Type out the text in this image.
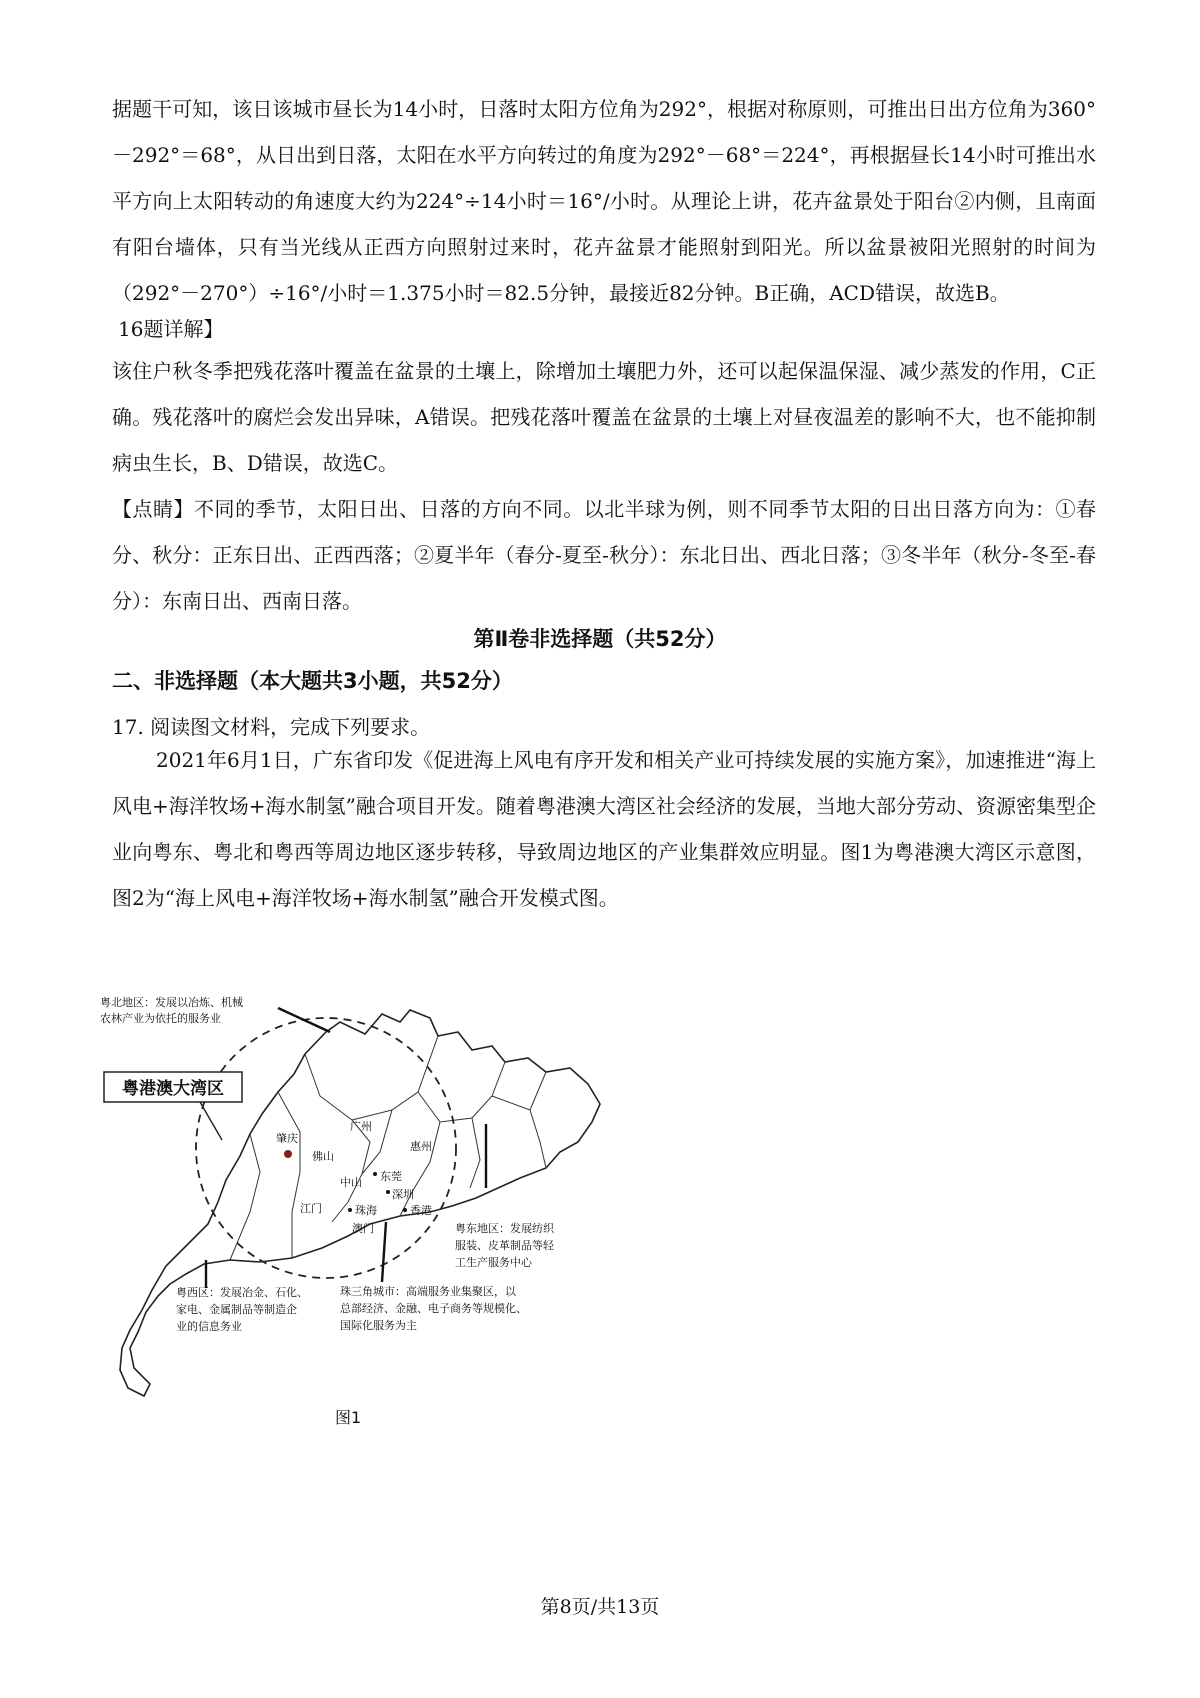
据题干可知，该日该城市昼长为14小时，日落时太阳方位角为292°，根据对称原则，可推出日出方位角为360°－292°＝68°，从日出到日落，太阳在水平方向转过的角度为292°－68°＝224°，再根据昼长14小时可推出水平方向上太阳转动的角速度大约为224°÷14小时＝16°/小时。从理论上讲，花卉盆景处于阳台②内侧，且南面有阳台墙体，只有当光线从正西方向照射过来时，花卉盆景才能照射到阳光。所以盆景被阳光照射的时间为（292°－270°）÷16°/小时＝1.375小时＝82.5分钟，最接近82分钟。B正确，ACD错误，故选B。

16题详解】

该住户秋冬季把残花落叶覆盖在盆景的土壤上，除增加土壤肥力外，还可以起保温保湿、减少蒸发的作用，C正确。残花落叶的腐烂会发出异味，A错误。把残花落叶覆盖在盆景的土壤上对昼夜温差的影响不大，也不能抑制病虫生长，B、D错误，故选C。

【点睛】不同的季节，太阳日出、日落的方向不同。以北半球为例，则不同季节太阳的日出日落方向为：①春分、秋分：正东日出、正西西落；②夏半年（春分-夏至-秋分）：东北日出、西北日落；③冬半年（秋分-冬至-春分）：东南日出、西南日落。

第Ⅱ卷非选择题（共52分）

二、非选择题（本大题共3小题，共52分）

17. 阅读图文材料，完成下列要求。

2021年6月1日，广东省印发《促进海上风电有序开发和相关产业可持续发展的实施方案》，加速推进“海上风电+海洋牧场+海水制氢”融合项目开发。随着粤港澳大湾区社会经济的发展，当地大部分劳动、资源密集型企业向粤东、粤北和粤西等周边地区逐步转移，导致周边地区的产业集群效应明显。图1为粤港澳大湾区示意图，图2为“海上风电+海洋牧场+海水制氢”融合开发模式图。

粤港澳大湾区
粤北地区：发展以冶炼、机械
农林产业为依托的服务业
肇庆
广州
惠州
佛山
东莞
中山
深圳
江门	珠海	香港
澳门	粤东地区：发展纺织
服装、皮革制品等轻
工生产服务中心
珠三角城市：高端服务业集聚区，以
总部经济、金融、电子商务等规模化、
国际化服务为主
粤西区：发展冶金、石化、
家电、金属制品等制造企
业的信息务业
图1

第8页/共13页
